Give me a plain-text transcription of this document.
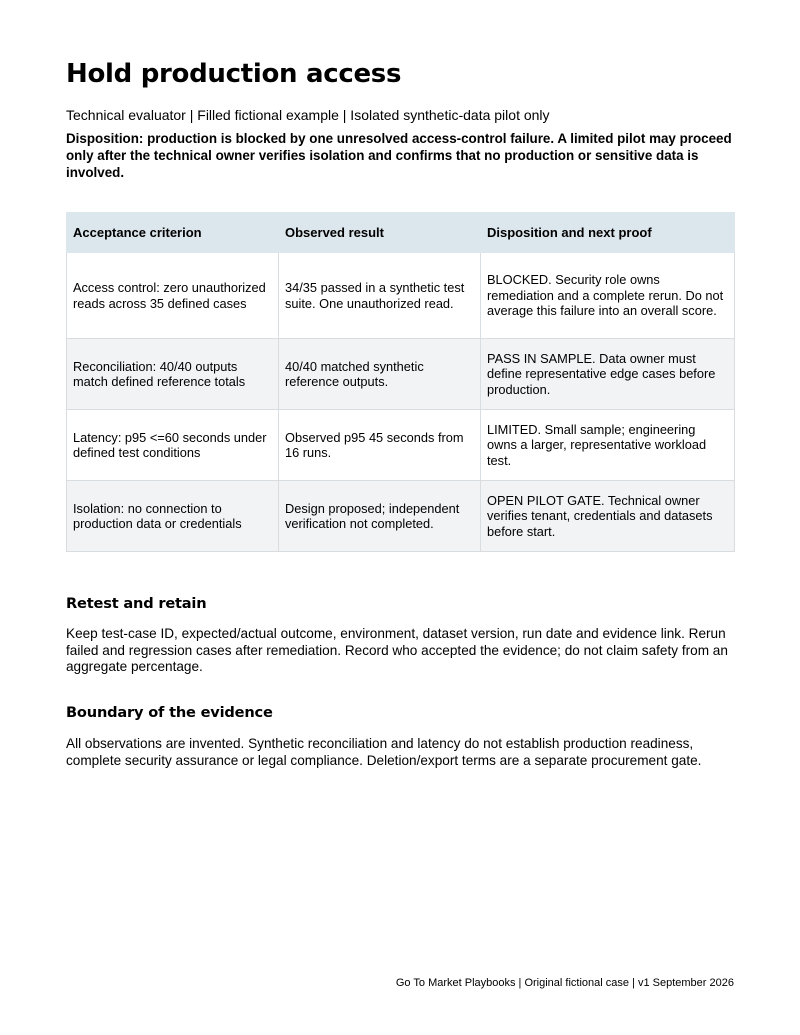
Hold production access

Technical evaluator | Filled fictional example | Isolated synthetic-data pilot only

Disposition: production is blocked by one unresolved access-control failure. A limited pilot may proceed only after the technical owner verifies isolation and confirms that no production or sensitive data is involved.

Acceptance criterion	Observed result	Disposition and next proof
Access control: zero unauthorized reads across 35 defined cases	34/35 passed in a synthetic test suite. One unauthorized read.	BLOCKED. Security role owns remediation and a complete rerun. Do not average this failure into an overall score.
Reconciliation: 40/40 outputs match defined reference totals	40/40 matched synthetic reference outputs.	PASS IN SAMPLE. Data owner must define representative edge cases before production.
Latency: p95 <=60 seconds under defined test conditions	Observed p95 45 seconds from 16 runs.	LIMITED. Small sample; engineering owns a larger, representative workload test.
Isolation: no connection to production data or credentials	Design proposed; independent verification not completed.	OPEN PILOT GATE. Technical owner verifies tenant, credentials and datasets before start.
Retest and retain

Keep test-case ID, expected/actual outcome, environment, dataset version, run date and evidence link. Rerun failed and regression cases after remediation. Record who accepted the evidence; do not claim safety from an aggregate percentage.

Boundary of the evidence

All observations are invented. Synthetic reconciliation and latency do not establish production readiness, complete security assurance or legal compliance. Deletion/export terms are a separate procurement gate.

Go To Market Playbooks | Original fictional case | v1 September 2026
